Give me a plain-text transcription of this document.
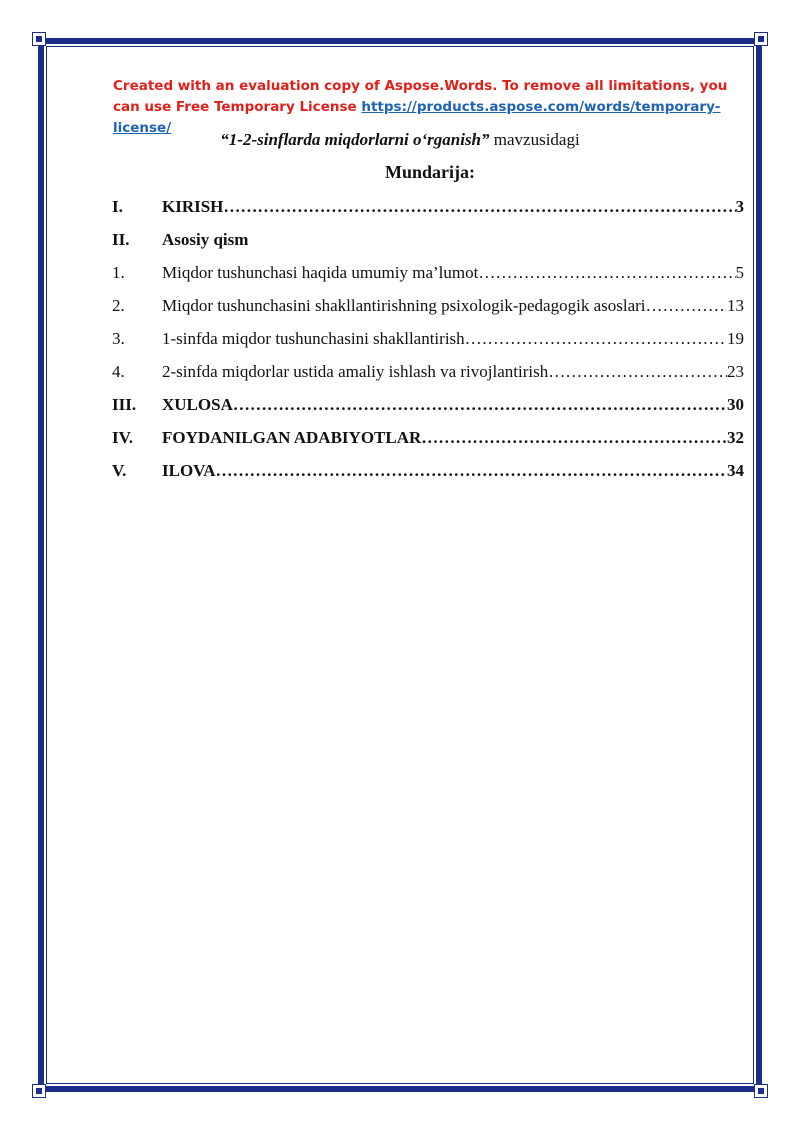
Created with an evaluation copy of Aspose.Words. To remove all limitations, you can use Free Temporary License https://products.aspose.com/words/temporary-license/
“1-2-sinflarda miqdorlarni o‘rganish” mavzusidagi
Mundarija:
I.	KIRISH ………………………………………………………………………………………………………………………………………………	3
II.	Asosiy qism
1.	Miqdor tushunchasi haqida umumiy ma’lumot ………………………………………………………………………………………………………………………………………………	5
2.	Miqdor tushunchasini shakllantirishning psixologik-pedagogik asoslari ………………………………………………………………………………………………………………………………………………	13
3.	1-sinfda miqdor tushunchasini shakllantirish ………………………………………………………………………………………………………………………………………………	19
4.	2-sinfda miqdorlar ustida amaliy ishlash va rivojlantirish ………………………………………………………………………………………………………………………………………………	23
III.	XULOSA ………………………………………………………………………………………………………………………………………………	30
IV.	FOYDANILGAN ADABIYOTLAR ………………………………………………………………………………………………………………………………………………	32
V.	ILOVA ………………………………………………………………………………………………………………………………………………	34
